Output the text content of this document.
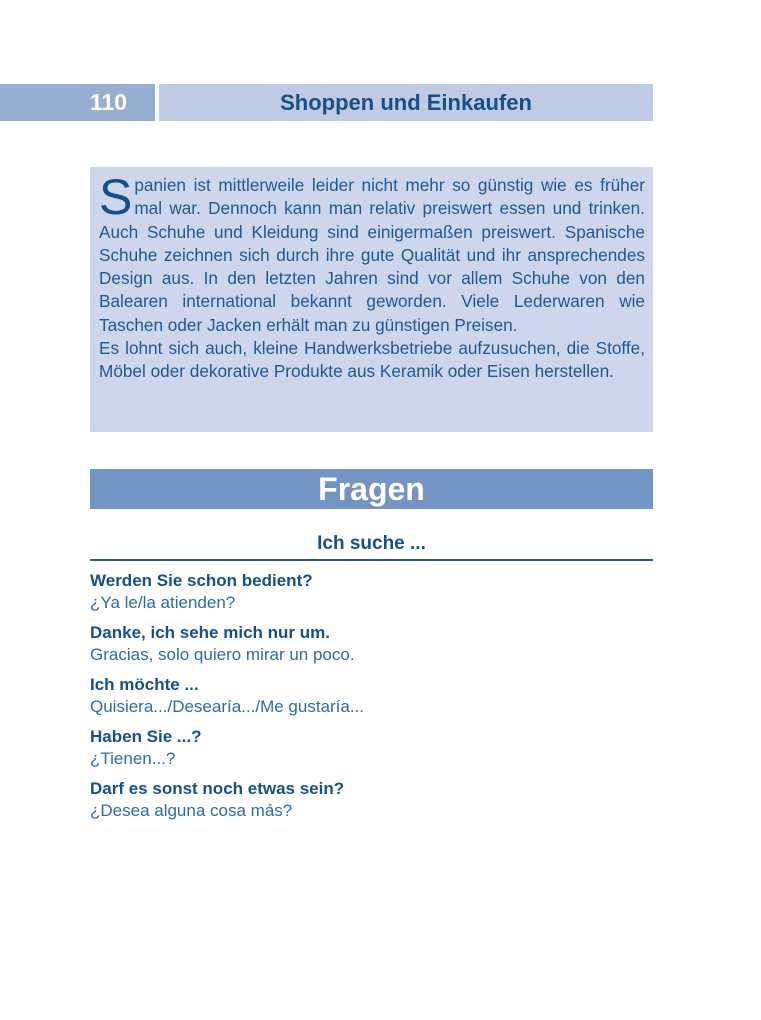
110	Shoppen und Einkaufen

Spanien ist mittlerweile leider nicht mehr so günstig wie es früher mal war. Dennoch kann man relativ preiswert essen und trinken. Auch Schuhe und Kleidung sind einigermaßen preiswert. Spanische Schuhe zeichnen sich durch ihre gute Qualität und ihr ansprechendes Design aus. In den letzten Jahren sind vor allem Schuhe von den Balearen international bekannt geworden. Viele Lederwaren wie Taschen oder Jacken erhält man zu günstigen Preisen.

Es lohnt sich auch, kleine Handwerksbetriebe aufzusuchen, die Stoffe, Möbel oder dekorative Produkte aus Keramik oder Eisen herstellen.

Fragen
Ich suche ...
Werden Sie schon bedient?
¿Ya le/la atienden?
Danke, ich sehe mich nur um.
Gracias, solo quiero mirar un poco.
Ich möchte ...
Quisiera.../Desearía.../Me gustaría...
Haben Sie ...?
¿Tienen...?
Darf es sonst noch etwas sein?
¿Desea alguna cosa más?
